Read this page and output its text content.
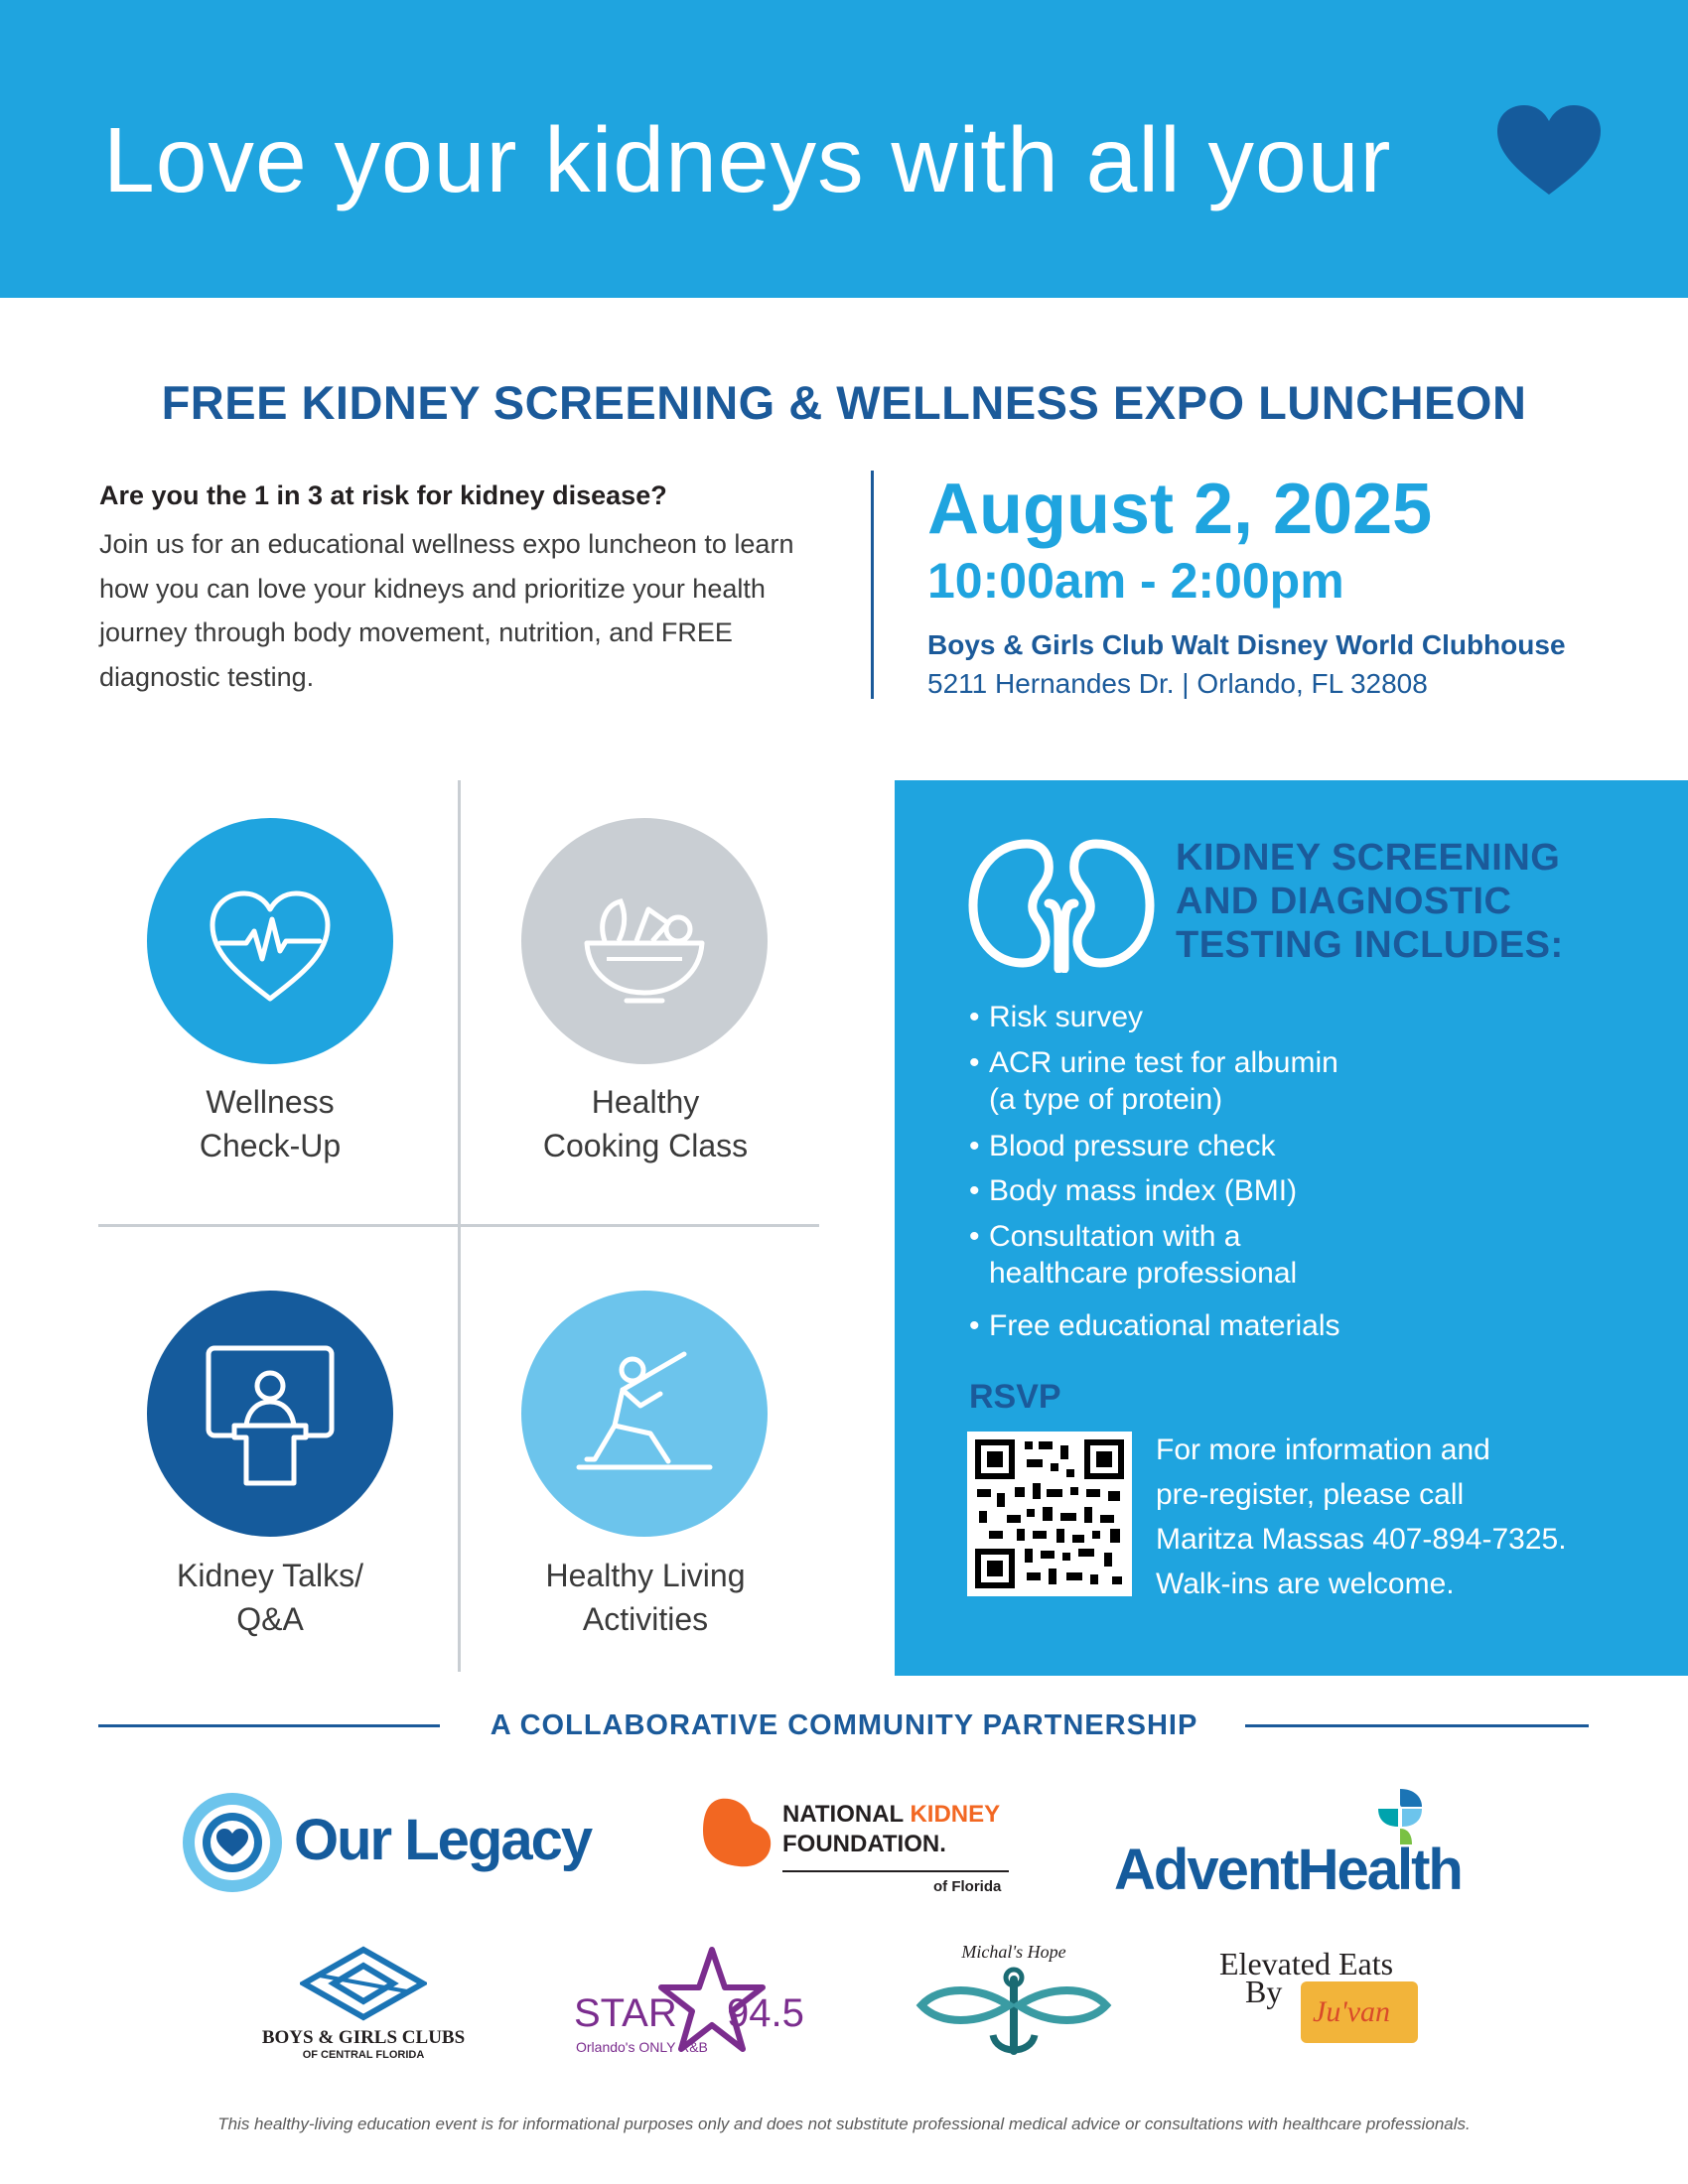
Love your kidneys with all your
FREE KIDNEY SCREENING & WELLNESS EXPO LUNCHEON
Are you the 1 in 3 at risk for kidney disease?
Join us for an educational wellness expo luncheon to learn how you can love your kidneys and prioritize your health journey through body movement, nutrition, and FREE diagnostic testing.
August 2, 2025
10:00am - 2:00pm
Boys & Girls Club Walt Disney World Clubhouse
5211 Hernandes Dr. | Orlando, FL 32808
Wellness
Check-Up
Healthy
Cooking Class
Kidney Talks/
Q&A
Healthy Living
Activities
KIDNEY SCREENING
AND DIAGNOSTIC
TESTING INCLUDES:
• Risk survey
• ACR urine test for albumin
(a type of protein)
• Blood pressure check
• Body mass index (BMI)
• Consultation with a
healthcare professional
• Free educational materials
RSVP
For more information and
pre-register, please call
Maritza Massas 407-894-7325.
Walk-ins are welcome.
A COLLABORATIVE COMMUNITY PARTNERSHIP
Our Legacy	NATIONAL KIDNEY
FOUNDATION.
of Florida AdventHealth
BOYS & GIRLS CLUBS
OF CENTRAL FLORIDA
STAR 94.5
Orlando's ONLY R&B
Michal's Hope	Elevated Eats
By
Ju'van
This healthy-living education event is for informational purposes only and does not substitute professional medical advice or consultations with healthcare professionals.
